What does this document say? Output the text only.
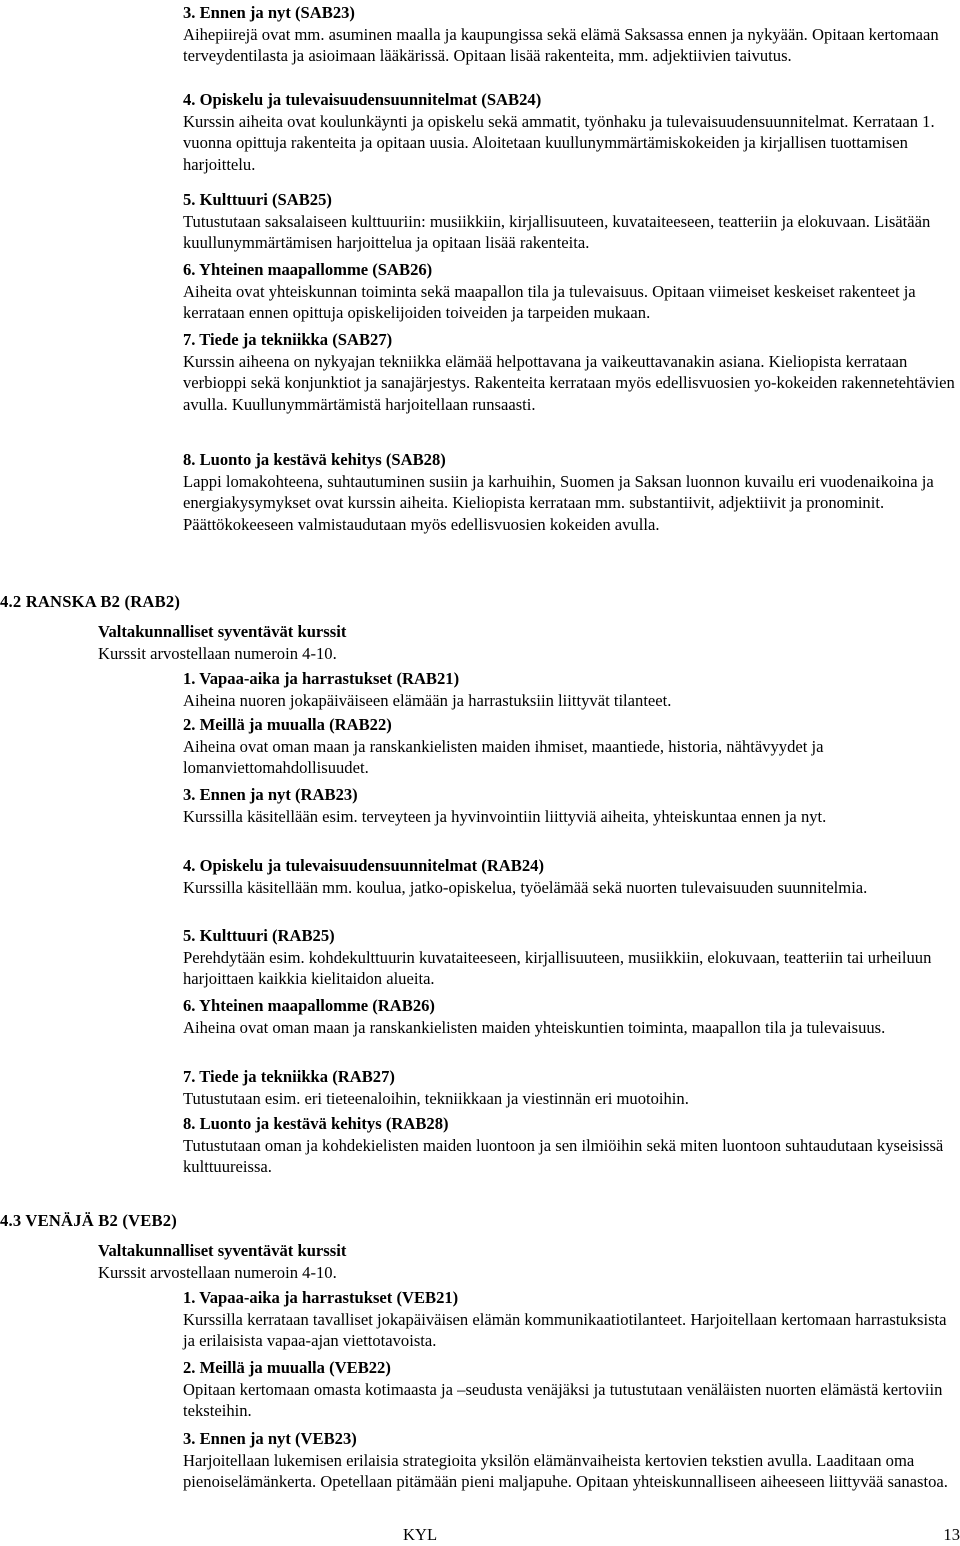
3. Ennen ja nyt (SAB23)

Aihepiirejä ovat mm. asuminen maalla ja kaupungissa sekä elämä Saksassa ennen ja nykyään. Opitaan kertomaan terveydentilasta ja asioimaan lääkärissä. Opitaan lisää rakenteita, mm. adjektiivien taivutus.

4. Opiskelu ja tulevaisuudensuunnitelmat (SAB24)

Kurssin aiheita ovat koulunkäynti ja opiskelu sekä ammatit, työnhaku ja tulevaisuudensuunnitelmat. Kerrataan 1. vuonna opittuja rakenteita ja opitaan uusia. Aloitetaan kuullunymmärtämiskokeiden ja kirjallisen tuottamisen harjoittelu.

5. Kulttuuri (SAB25)

Tutustutaan saksalaiseen kulttuuriin: musiikkiin, kirjallisuuteen, kuvataiteeseen, teatteriin ja elokuvaan. Lisätään kuullunymmärtämisen harjoittelua ja opitaan lisää rakenteita.

6. Yhteinen maapallomme (SAB26)

Aiheita ovat yhteiskunnan toiminta sekä maapallon tila ja tulevaisuus. Opitaan viimeiset keskeiset rakenteet ja kerrataan ennen opittuja opiskelijoiden toiveiden ja tarpeiden mukaan.

7. Tiede ja tekniikka (SAB27)

Kurssin aiheena on nykyajan tekniikka elämää helpottavana ja vaikeuttavanakin asiana. Kieliopista kerrataan verbioppi sekä konjunktiot ja sanajärjestys. Rakenteita kerrataan myös edellisvuosien yo-kokeiden rakennetehtävien avulla. Kuullunymmärtämistä harjoitellaan runsaasti.

8. Luonto ja kestävä kehitys (SAB28)

Lappi lomakohteena, suhtautuminen susiin ja karhuihin, Suomen ja Saksan luonnon kuvailu eri vuodenaikoina ja energiakysymykset ovat kurssin aiheita. Kieliopista kerrataan mm. substantiivit, adjektiivit ja pronominit. Päättökokeeseen valmistaudutaan myös edellisvuosien kokeiden avulla.

4.2 RANSKA B2 (RAB2)

Valtakunnalliset syventävät kurssit

Kurssit arvostellaan numeroin 4-10.

1. Vapaa-aika ja harrastukset (RAB21)

Aiheina nuoren jokapäiväiseen elämään ja harrastuksiin liittyvät tilanteet.

2. Meillä ja muualla (RAB22)

Aiheina ovat oman maan ja ranskankielisten maiden ihmiset, maantiede, historia, nähtävyydet ja lomanviettomahdollisuudet.

3. Ennen ja nyt (RAB23)

Kurssilla käsitellään esim. terveyteen ja hyvinvointiin liittyviä aiheita, yhteiskuntaa ennen ja nyt.

4. Opiskelu ja tulevaisuudensuunnitelmat (RAB24)

Kurssilla käsitellään mm. koulua, jatko-opiskelua, työelämää sekä nuorten tulevaisuuden suunnitelmia.

5. Kulttuuri (RAB25)

Perehdytään esim. kohdekulttuurin kuvataiteeseen, kirjallisuuteen, musiikkiin, elokuvaan, teatteriin tai urheiluun harjoittaen kaikkia kielitaidon alueita.

6. Yhteinen maapallomme (RAB26)

Aiheina ovat oman maan ja ranskankielisten maiden yhteiskuntien toiminta, maapallon tila ja tulevaisuus.

7. Tiede ja tekniikka (RAB27)

Tutustutaan esim. eri tieteenaloihin, tekniikkaan ja viestinnän eri muotoihin.

8. Luonto ja kestävä kehitys (RAB28)

Tutustutaan oman ja kohdekielisten maiden luontoon ja sen ilmiöihin sekä miten luontoon suhtaudutaan kyseisissä kulttuureissa.

4.3 VENÄJÄ B2 (VEB2)

Valtakunnalliset syventävät kurssit

Kurssit arvostellaan numeroin 4-10.

1. Vapaa-aika ja harrastukset (VEB21)

Kurssilla kerrataan tavalliset jokapäiväisen elämän kommunikaatiotilanteet. Harjoitellaan kertomaan harrastuksista ja erilaisista vapaa-ajan viettotavoista.

2. Meillä ja muualla (VEB22)

Opitaan kertomaan omasta kotimaasta ja –seudusta venäjäksi ja tutustutaan venäläisten nuorten elämästä kertoviin teksteihin.

3. Ennen ja nyt (VEB23)

Harjoitellaan lukemisen erilaisia strategioita yksilön elämänvaiheista kertovien tekstien avulla. Laaditaan oma pienoiselämänkerta. Opetellaan pitämään pieni maljapuhe. Opitaan yhteiskunnalliseen aiheeseen liittyvää sanastoa.

KYL	13
